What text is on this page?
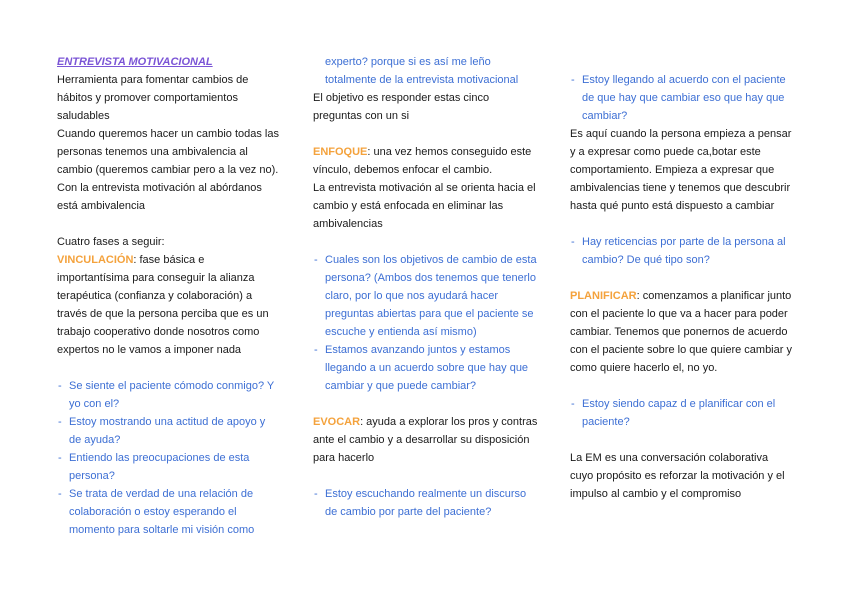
ENTREVISTA MOTIVACIONAL

Herramienta para fomentar cambios de hábitos y promover comportamientos saludables

Cuando queremos hacer un cambio todas las personas tenemos una ambivalencia al cambio (queremos cambiar pero a la vez no). Con la entrevista motivación al abórdanos está ambivalencia

Cuatro fases a seguir:

VINCULACIÓN: fase básica e importantísima para conseguir la alianza terapéutica (confianza y colaboración) a través de que la persona perciba que es un trabajo cooperativo donde nosotros como expertos no le vamos a imponer nada

- Se siente el paciente cómodo conmigo? Y yo con el?
- Estoy mostrando una actitud de apoyo y de ayuda?
- Entiendo las preocupaciones de esta persona?
- Se trata de verdad de una relación de colaboración o estoy esperando el momento para soltarle mi visión como

experto? porque si es así me leño totalmente de la entrevista motivacional

El objetivo es responder estas cinco preguntas con un si

ENFOQUE: una vez hemos conseguido este vínculo, debemos enfocar el cambio.

La entrevista motivación al se orienta hacia el cambio y está enfocada en eliminar las ambivalencias

- Cuales son los objetivos de cambio de esta persona? (Ambos dos tenemos que tenerlo claro, por lo que nos ayudará hacer preguntas abiertas para que el paciente se escuche y entienda así mismo)
- Estamos avanzando juntos y estamos llegando a un acuerdo sobre que hay que cambiar y que puede cambiar?

EVOCAR: ayuda a explorar los pros y contras ante el cambio y a desarrollar su disposición para hacerlo

- Estoy escuchando realmente un discurso de cambio por parte del paciente?
- Estoy llegando al acuerdo con el paciente de que hay que cambiar eso que hay que cambiar?

Es aquí cuando la persona empieza a pensar y a expresar como puede ca,botar este comportamiento. Empieza a expresar que ambivalencias tiene y tenemos que descubrir hasta qué punto está dispuesto a cambiar

- Hay reticencias por parte de la persona al cambio? De qué tipo son?

PLANIFICAR: comenzamos a planificar junto con el paciente lo que va a hacer para poder cambiar. Tenemos que ponernos de acuerdo con el paciente sobre lo que quiere cambiar y como quiere hacerlo el, no yo.

- Estoy siendo capaz d e planificar con el paciente?

La EM es una conversación colaborativa cuyo propósito es reforzar la motivación y el impulso al cambio y el compromiso
